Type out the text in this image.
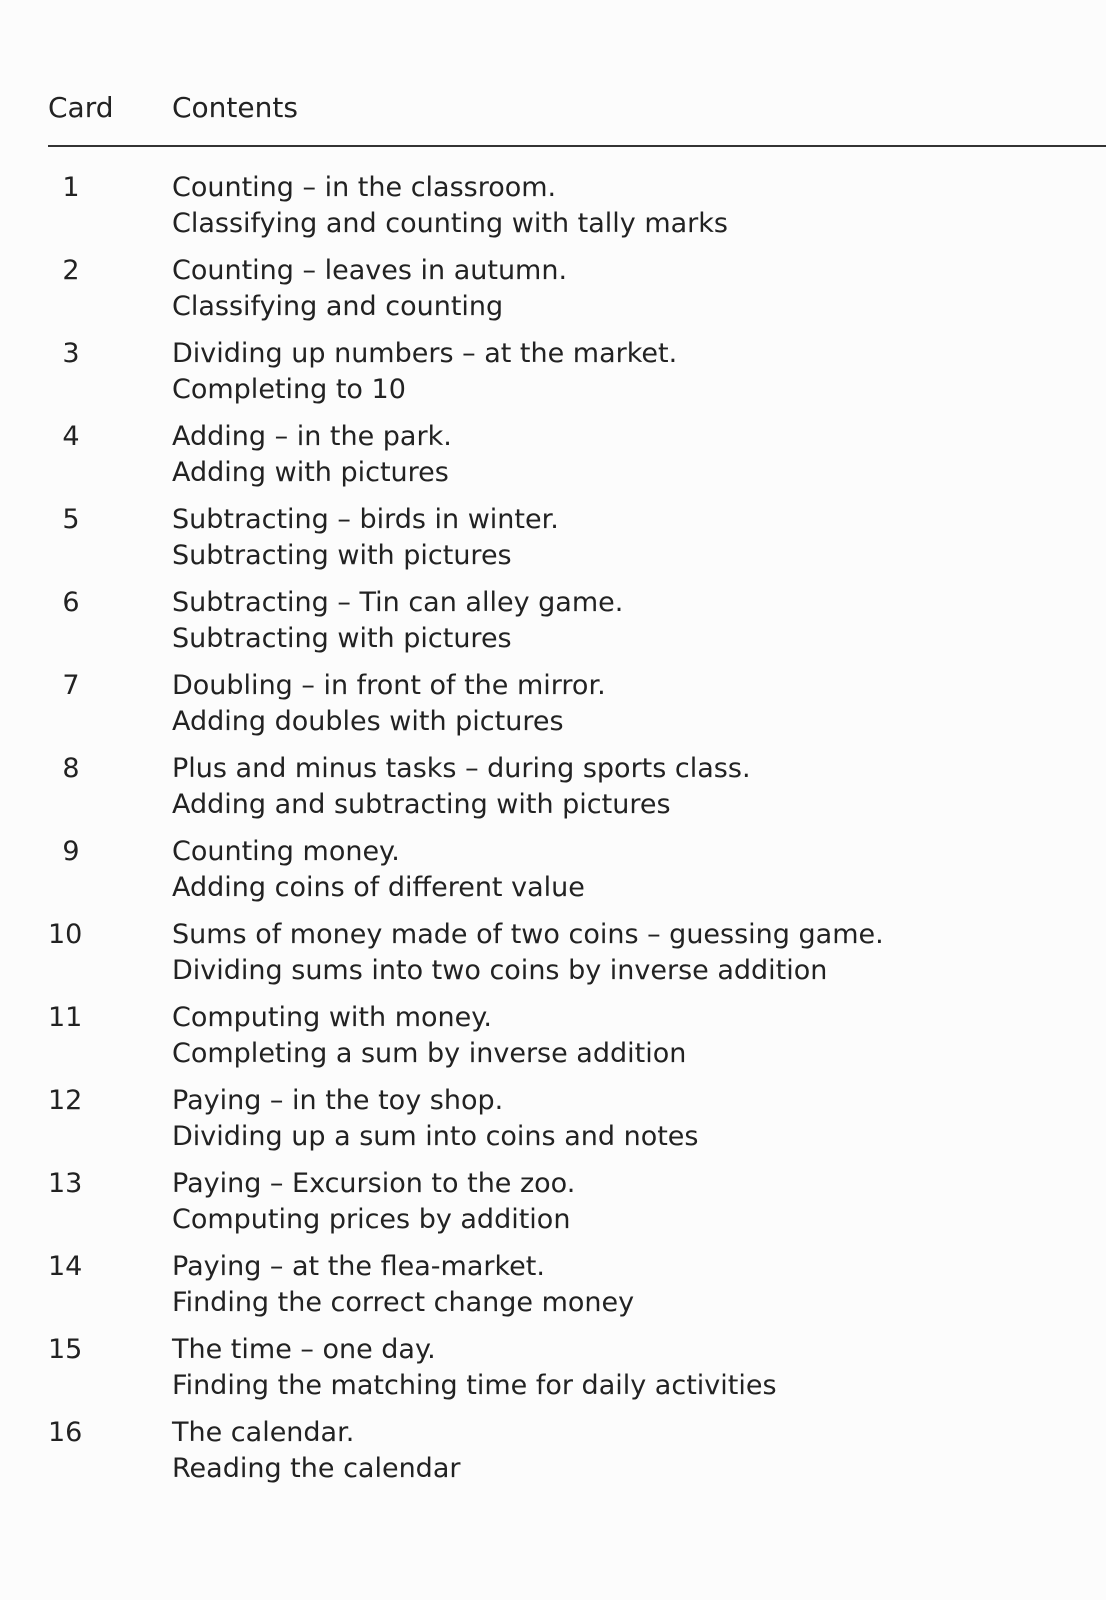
Card Contents
1	Counting – in the classroom.
Classifying and counting with tally marks
2	Counting – leaves in autumn.
Classifying and counting
3	Dividing up numbers – at the market.
Completing to 10
4	Adding – in the park.
Adding with pictures
5	Subtracting – birds in winter.
Subtracting with pictures
6	Subtracting – Tin can alley game.
Subtracting with pictures
7	Doubling – in front of the mirror.
Adding doubles with pictures
8	Plus and minus tasks – during sports class.
Adding and subtracting with pictures
9	Counting money.
Adding coins of different value
10	Sums of money made of two coins – guessing game.
Dividing sums into two coins by inverse addition
11	Computing with money.
Completing a sum by inverse addition
12	Paying – in the toy shop.
Dividing up a sum into coins and notes
13	Paying – Excursion to the zoo.
Computing prices by addition
14	Paying – at the flea-market.
Finding the correct change money
15	The time – one day.
Finding the matching time for daily activities
16	The calendar.
Reading the calendar
